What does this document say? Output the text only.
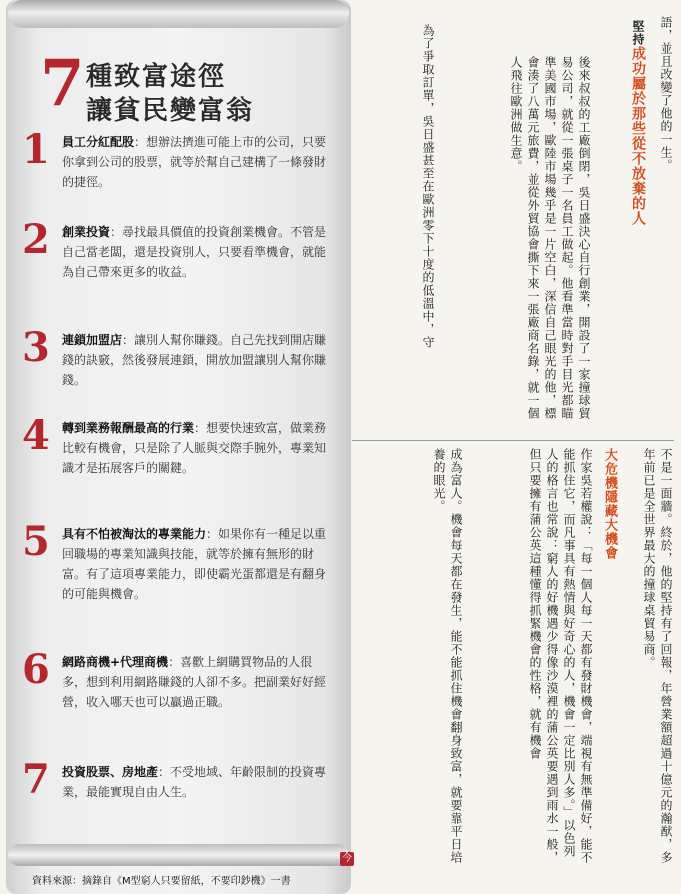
7 種致富途徑
讓貧民變富翁
1 員工分紅配股：想辦法擠進可能上市的公司，只要你拿到公司的股票，就等於幫自己建構了一條發財的捷徑。
2 創業投資：尋找最具價值的投資創業機會。不管是自己當老闆，還是投資別人，只要看準機會，就能為自己帶來更多的收益。
3 連鎖加盟店：讓別人幫你賺錢。自己先找到開店賺錢的訣竅，然後發展連鎖，開放加盟讓別人幫你賺錢。
4 轉到業務報酬最高的行業：想要快速致富，做業務比較有機會，只是除了人脈與交際手腕外，專業知識才是拓展客戶的關鍵。
5 具有不怕被淘汰的專業能力：如果你有一種足以重回職場的專業知識與技能，就等於擁有無形的財富。有了這項專業能力，即使霸光蛋都還是有翻身的可能與機會。
6 網路商機+代理商機：喜歡上網購買物品的人很多，想到利用網路賺錢的人卻不多。把副業好好經營，收入哪天也可以贏過正職。
7 投資股票、房地產：不受地域、年齡限制的投資專業，最能實現自由人生。
資料來源：摘錄自《M型窮人只要留紙，不要印鈔機》一書
今
語，並且改變了他的一生。
堅持成功屬於那些從不放棄的人
後來叔叔的工廠倒閉，吳日盛決心自行創業，開設了一家撞球貿易公司，就從一張桌子一名員工做起。他看準當時對手目光都瞄準美國市場，歐陸市場幾乎是一片空白，深信自己眼光的他，標會湊了八萬元旅費，並從外貿協會撕下來一張廠商名錄，就一個人飛往歐洲做生意。
為了爭取訂單，吳日盛甚至在歐洲零下十度的低溫中，守
不是一面牆。終於，他的堅持有了回報，年營業額超過十億元的瀚猷，多年前已是全世界最大的撞球桌貿易商。
大危機隱藏大機會
作家吳若權說：「每一個人每一天都有發財機會，端視有無準備好，能不能抓住它，而凡事具有熱情與好奇心的人，機會一定比別人多。」以色列人的格言也常說：窮人的好機遇少得像沙漠裡的蒲公英要遇到雨水一般，但只要擁有蒲公英這種懂得抓緊機會的性格，就有機會
成為富人。機會每天都在發生，能不能抓住機會翻身致富，就要靠平日培養的眼光。
